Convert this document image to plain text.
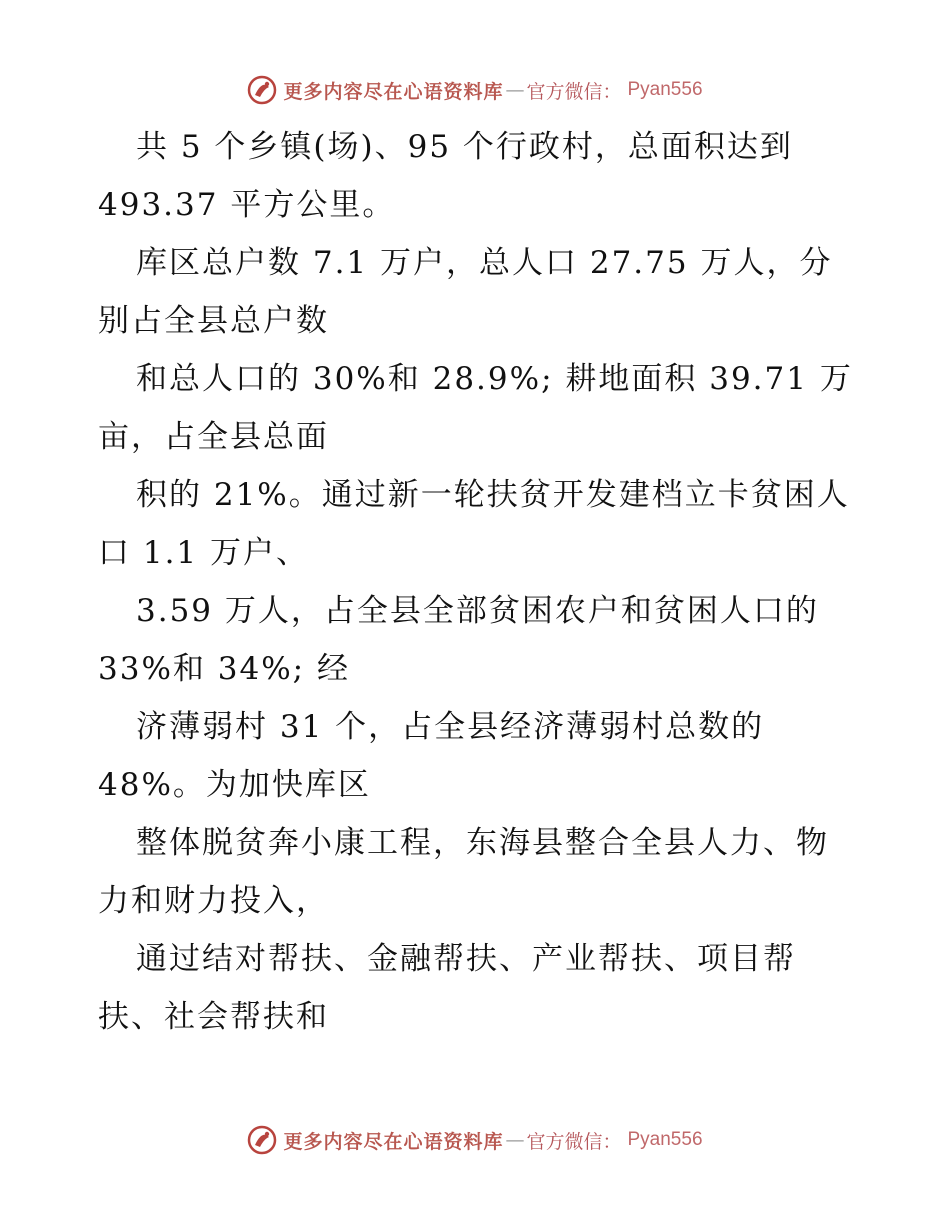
更多内容尽在心语资料库 — 官方微信： Pyan556
共 5 个乡镇(场)、95 个行政村，总面积达到
493.37 平方公里。
库区总户数 7.1 万户，总人口 27.75 万人，分
别占全县总户数
和总人口的 30%和 28.9%; 耕地面积 39.71 万
亩，占全县总面
积的 21%。通过新一轮扶贫开发建档立卡贫困人
口 1.1 万户、
3.59 万人，占全县全部贫困农户和贫困人口的
33%和 34%; 经
济薄弱村 31 个，占全县经济薄弱村总数的
48%。为加快库区
整体脱贫奔小康工程，东海县整合全县人力、物
力和财力投入，
通过结对帮扶、金融帮扶、产业帮扶、项目帮
扶、社会帮扶和
更多内容尽在心语资料库 — 官方微信： Pyan556
